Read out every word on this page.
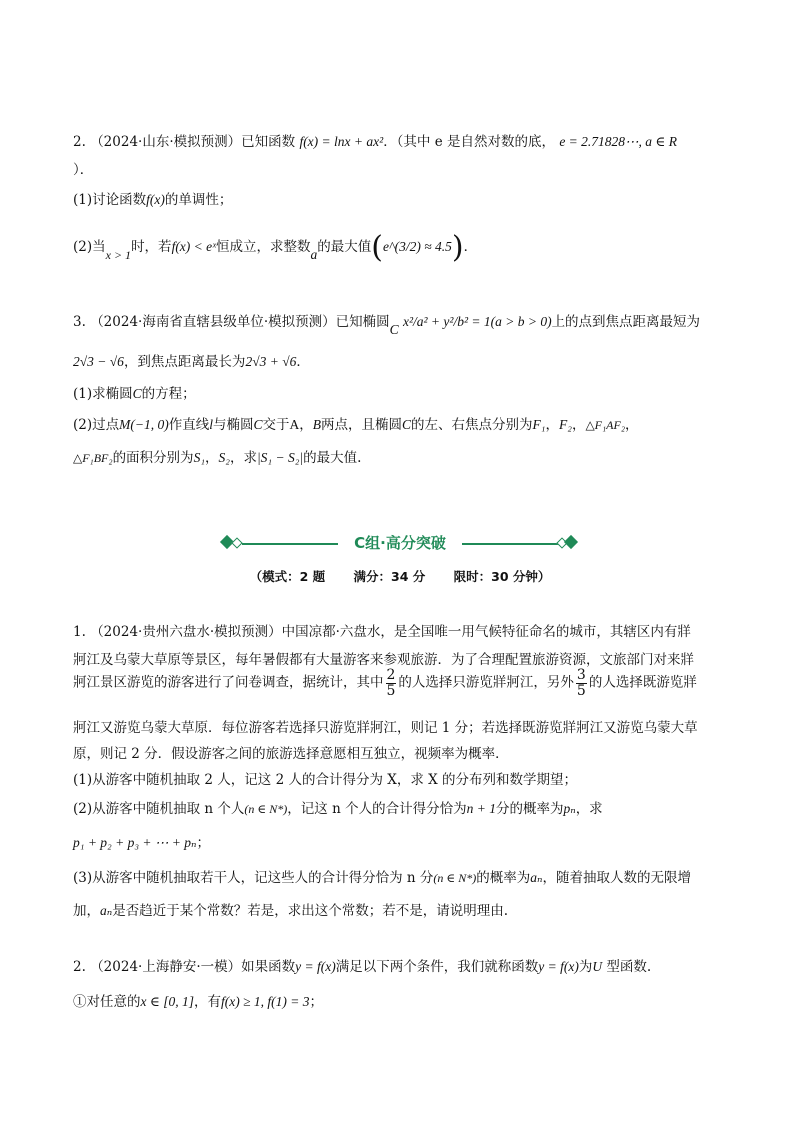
2. （2024·山东·模拟预测）已知函数 f(x) = lnx + ax²．（其中 e 是自然对数的底， e = 2.71828⋯, a ∈ R
）．
(1)讨论函数f(x)的单调性；
(2)当x > 1时，若f(x) < eˣ恒成立，求整数a的最大值(e^(3/2) ≈ 4.5)．
3. （2024·海南省直辖县级单位·模拟预测）已知椭圆C x²/a² + y²/b² = 1(a > b > 0)上的点到焦点距离最短为
2√3 − √6，到焦点距离最长为2√3 + √6．
(1)求椭圆C的方程；
(2)过点M(−1, 0)作直线l与椭圆C交于A，B两点，且椭圆C的左、右焦点分别为F₁，F₂，△F₁AF₂，
△F₁BF₂的面积分别为S₁，S₂，求|S₁ − S₂|的最大值.
C组·高分突破
（模式：2 题 满分：34 分 限时：30 分钟）
1. （2024·贵州六盘水·模拟预测）中国凉都·六盘水，是全国唯一用气候特征命名的城市，其辖区内有牂
牁江及乌蒙大草原等景区，每年暑假都有大量游客来参观旅游．为了合理配置旅游资源，文旅部门对来牂
牁江景区游览的游客进行了问卷调查，据统计，其中 $\frac{2}{5}$ 的人选择只游览牂牁江，另外 $\frac{3}{5}$ 的人选择既游览牂
牁江又游览乌蒙大草原．每位游客若选择只游览牂牁江，则记 1 分；若选择既游览牂牁江又游览乌蒙大草
原，则记 2 分．假设游客之间的旅游选择意愿相互独立，视频率为概率．
(1)从游客中随机抽取 2 人，记这 2 人的合计得分为 X，求 X 的分布列和数学期望；
(2)从游客中随机抽取 n 个人(n ∈ N*)，记这 n 个人的合计得分恰为n + 1分的概率为pₙ，求
p₁ + p₂ + p₃ + ⋯ + pₙ；
(3)从游客中随机抽取若干人，记这些人的合计得分恰为 n 分(n ∈ N*)的概率为aₙ，随着抽取人数的无限增
加，aₙ是否趋近于某个常数？若是，求出这个常数；若不是，请说明理由.
2. （2024·上海静安·一模）如果函数y = f(x)满足以下两个条件，我们就称函数y = f(x)为U 型函数.
①对任意的x ∈ [0, 1]，有f(x) ≥ 1, f(1) = 3；
